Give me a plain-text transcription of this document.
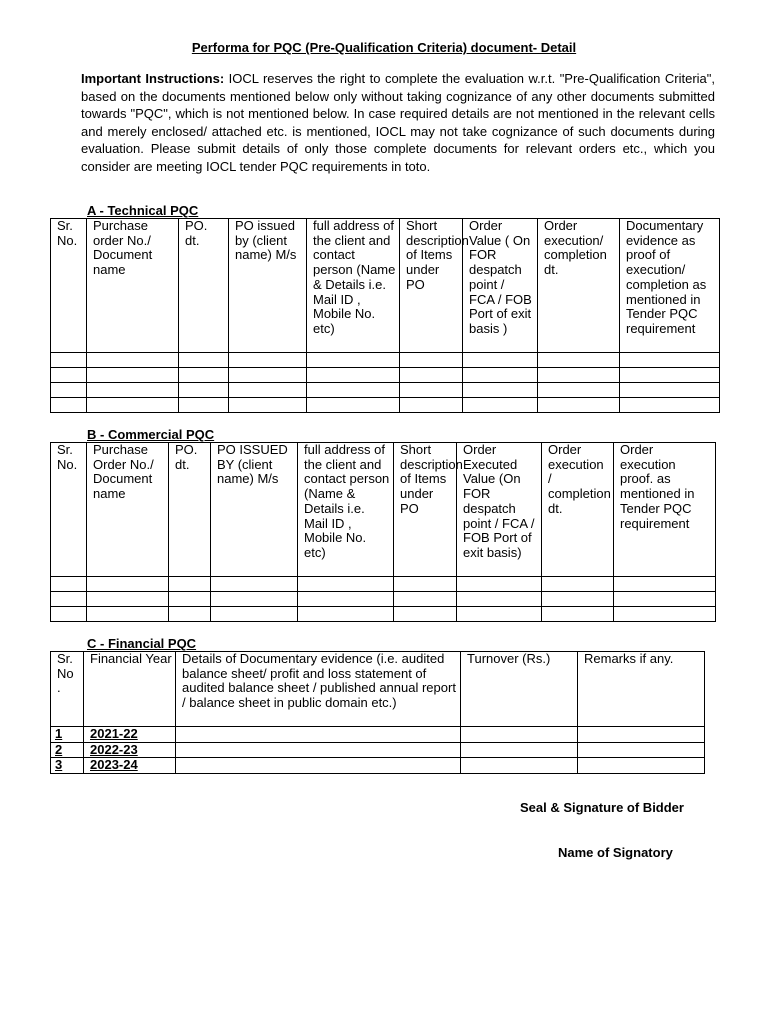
Performa for PQC (Pre-Qualification Criteria) document- Detail

Important Instructions: IOCL reserves the right to complete the evaluation w.r.t. "Pre-Qualification Criteria", based on the documents mentioned below only without taking cognizance of any other documents submitted towards "PQC", which is not mentioned below. In case required details are not mentioned in the relevant cells and merely enclosed/ attached etc. is mentioned, IOCL may not take cognizance of such documents during evaluation. Please submit details of only those complete documents for relevant orders etc., which you consider are meeting IOCL tender PQC requirements in toto.

A - Technical PQC

Sr. No.	Purchase order No./ Document name	PO. dt.	PO issued by (client name) M/s	full address of the client and contact person (Name & Details i.e. Mail ID , Mobile No. etc)	Short description of Items under PO	Order Value ( On FOR despatch point / FCA / FOB Port of exit basis )	Order execution/ completion dt.	Documentary evidence as proof of execution/ completion as mentioned in Tender PQC requirement

B - Commercial PQC

Sr. No.	Purchase Order No./ Document name	PO. dt.	PO ISSUED BY (client name) M/s	full address of the client and contact person (Name & Details i.e. Mail ID , Mobile No. etc)	Short description of Items under PO	Order Executed Value (On FOR despatch point / FCA / FOB Port of exit basis)	Order execution / completion dt.	Order execution proof. as mentioned in Tender PQC requirement

C - Financial PQC

Sr. No .	Financial Year	Details of Documentary evidence (i.e. audited balance sheet/ profit and loss statement of audited balance sheet / published annual report / balance sheet in public domain etc.)	Turnover (Rs.)	Remarks if any.
1	2021-22			
2	2022-23			
3	2023-24			

Seal & Signature of Bidder

Name of Signatory
